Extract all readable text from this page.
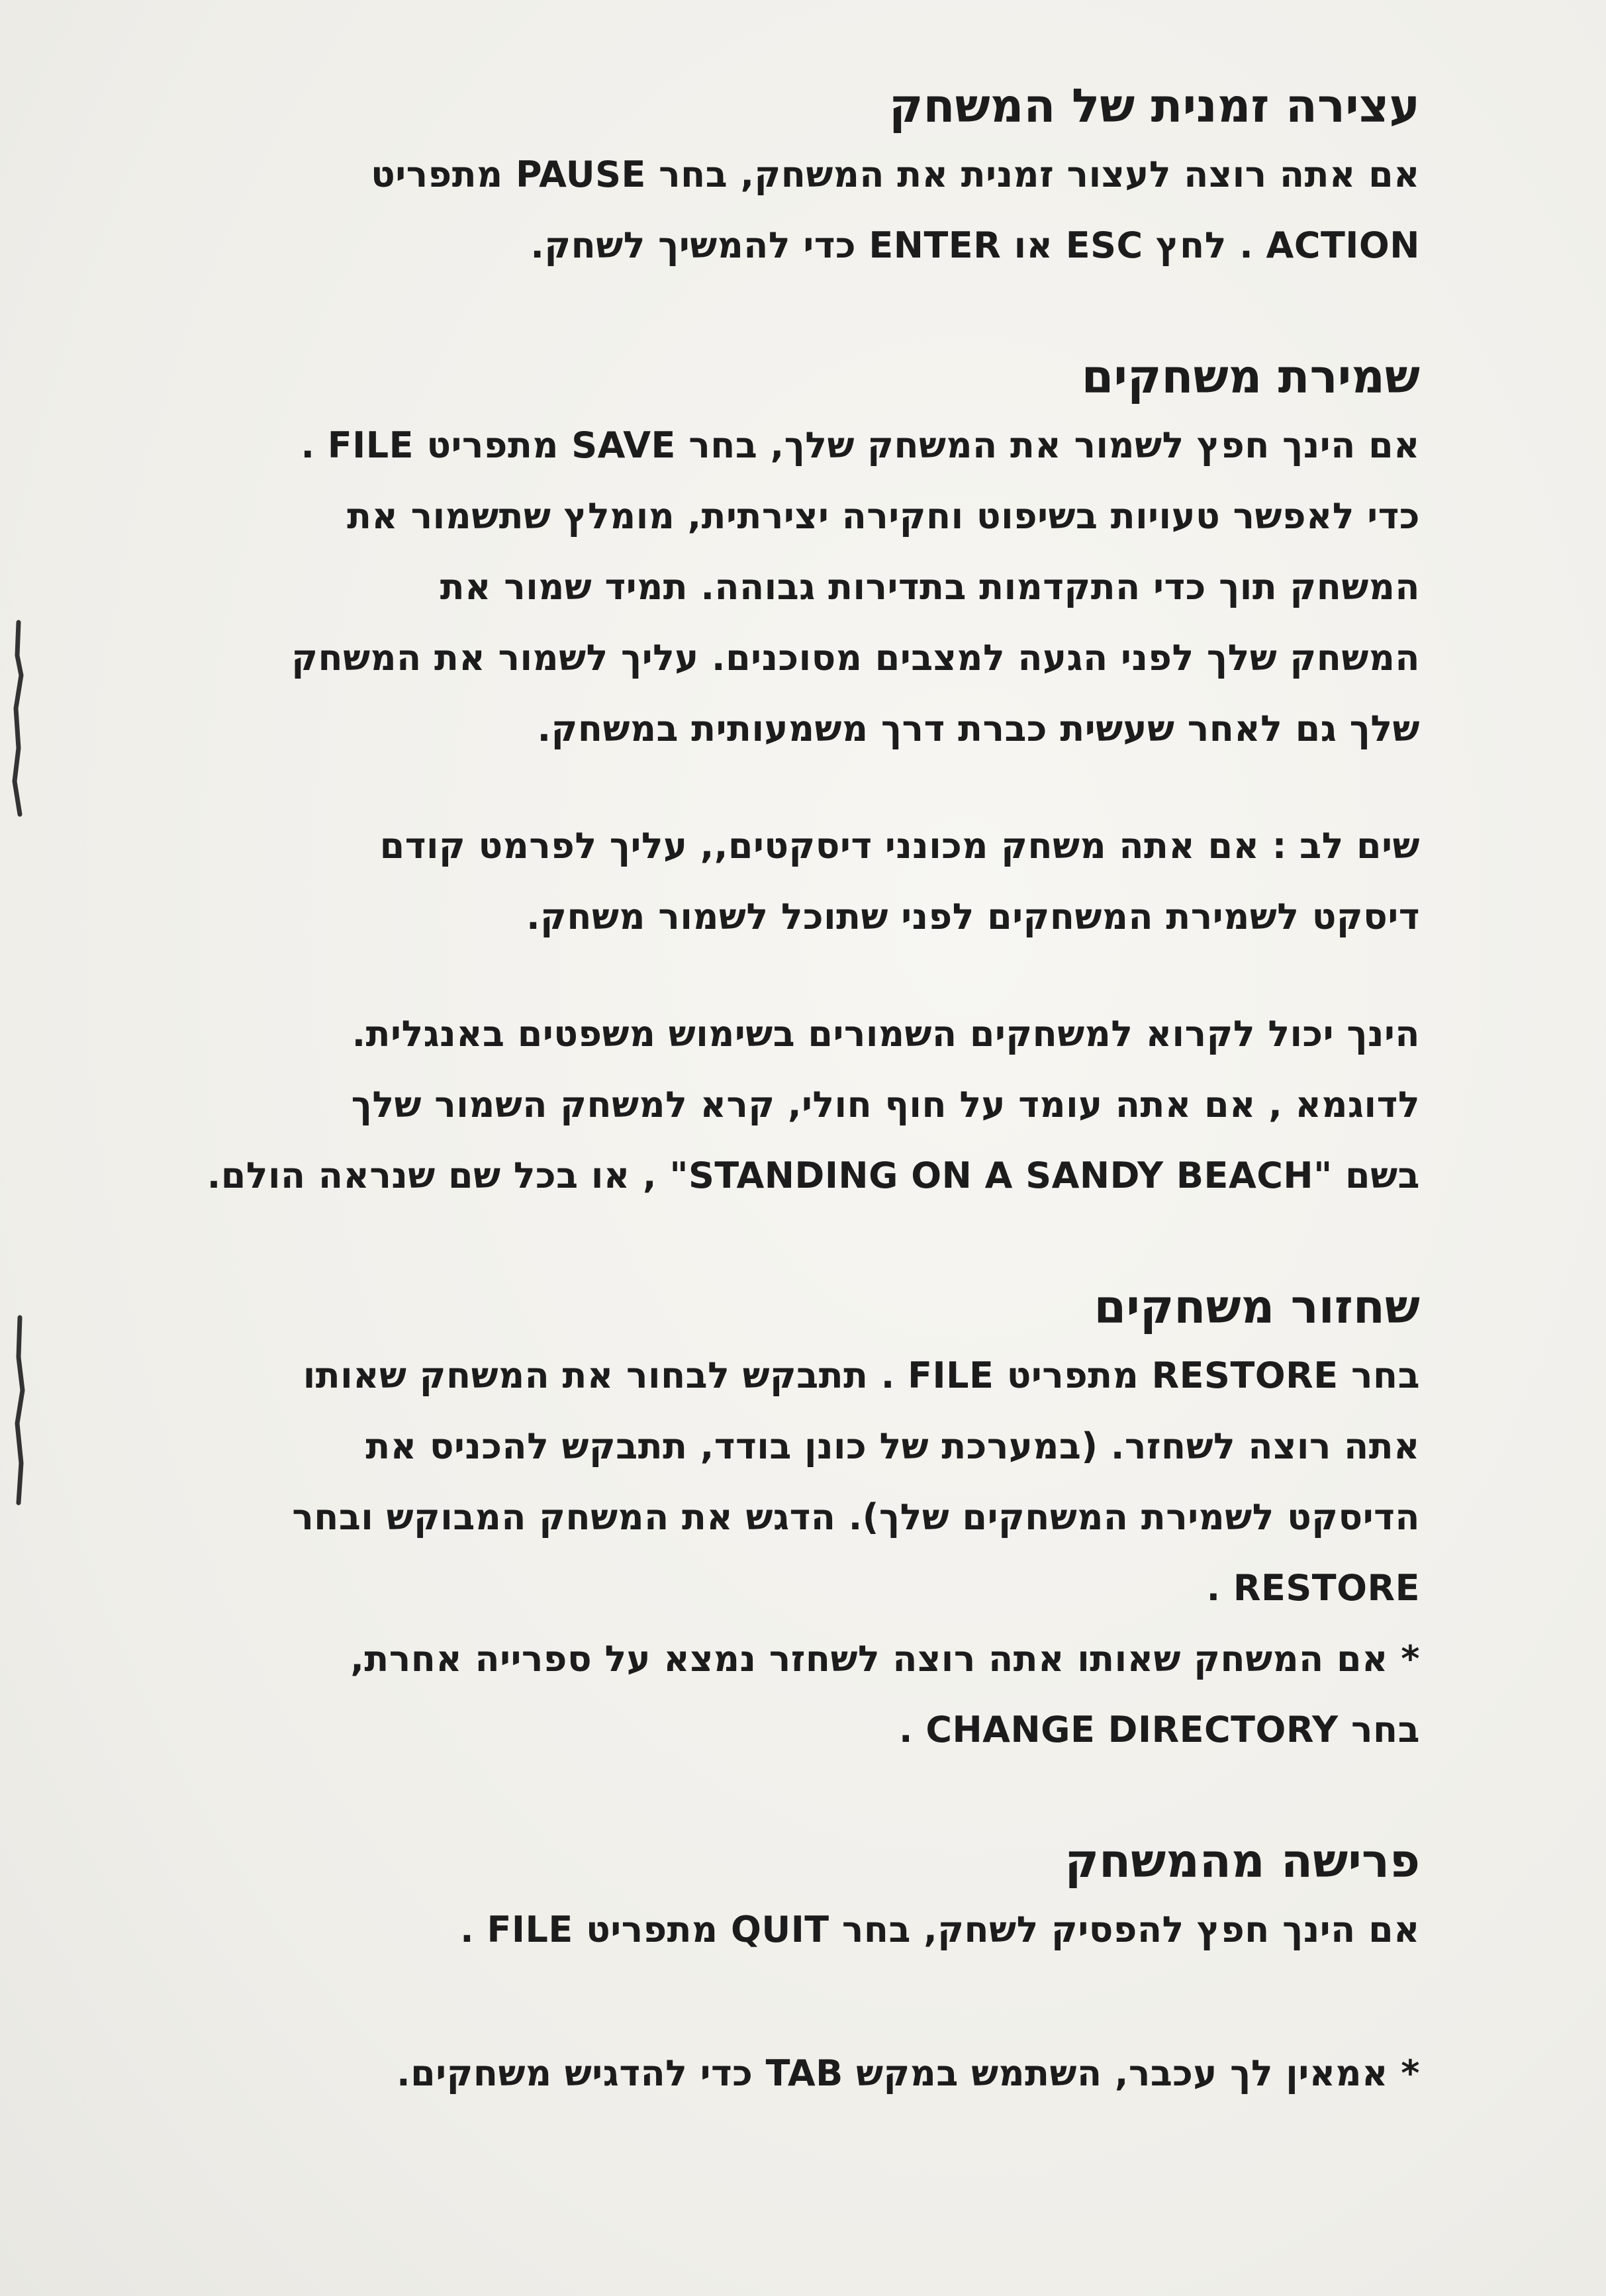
עצירה זמנית של המשחק

אם אתה רוצה לעצור זמנית את המשחק, בחר PAUSE מתפריט

ACTION . לחץ ESC או ENTER כדי להמשיך לשחק.

שמירת משחקים

אם הינך חפץ לשמור את המשחק שלך, בחר SAVE מתפריט FILE .

כדי לאפשר טעויות בשיפוט וחקירה יצירתית, מומלץ שתשמור את

המשחק תוך כדי התקדמות בתדירות גבוהה. תמיד שמור את

המשחק שלך לפני הגעה למצבים מסוכנים. עליך לשמור את המשחק

שלך גם לאחר שעשית כברת דרך משמעותית במשחק.

שים לב : אם אתה משחק מכונני דיסקטים,, עליך לפרמט קודם

דיסקט לשמירת המשחקים לפני שתוכל לשמור משחק.

הינך יכול לקרוא למשחקים השמורים בשימוש משפטים באנגלית.

לדוגמא , אם אתה עומד על חוף חולי, קרא למשחק השמור שלך

בשם "STANDING ON A SANDY BEACH" , או בכל שם שנראה הולם.

שחזור משחקים

בחר RESTORE מתפריט FILE . תתבקש לבחור את המשחק שאותו

אתה רוצה לשחזר. (במערכת של כונן בודד, תתבקש להכניס את

הדיסקט לשמירת המשחקים שלך). הדגש את המשחק המבוקש ובחר

RESTORE .

* אם המשחק שאותו אתה רוצה לשחזר נמצא על ספרייה אחרת,

בחר CHANGE DIRECTORY .

פרישה מהמשחק

אם הינך חפץ להפסיק לשחק, בחר QUIT מתפריט FILE .

* אמאין לך עכבר, השתמש במקש TAB כדי להדגיש משחקים.
